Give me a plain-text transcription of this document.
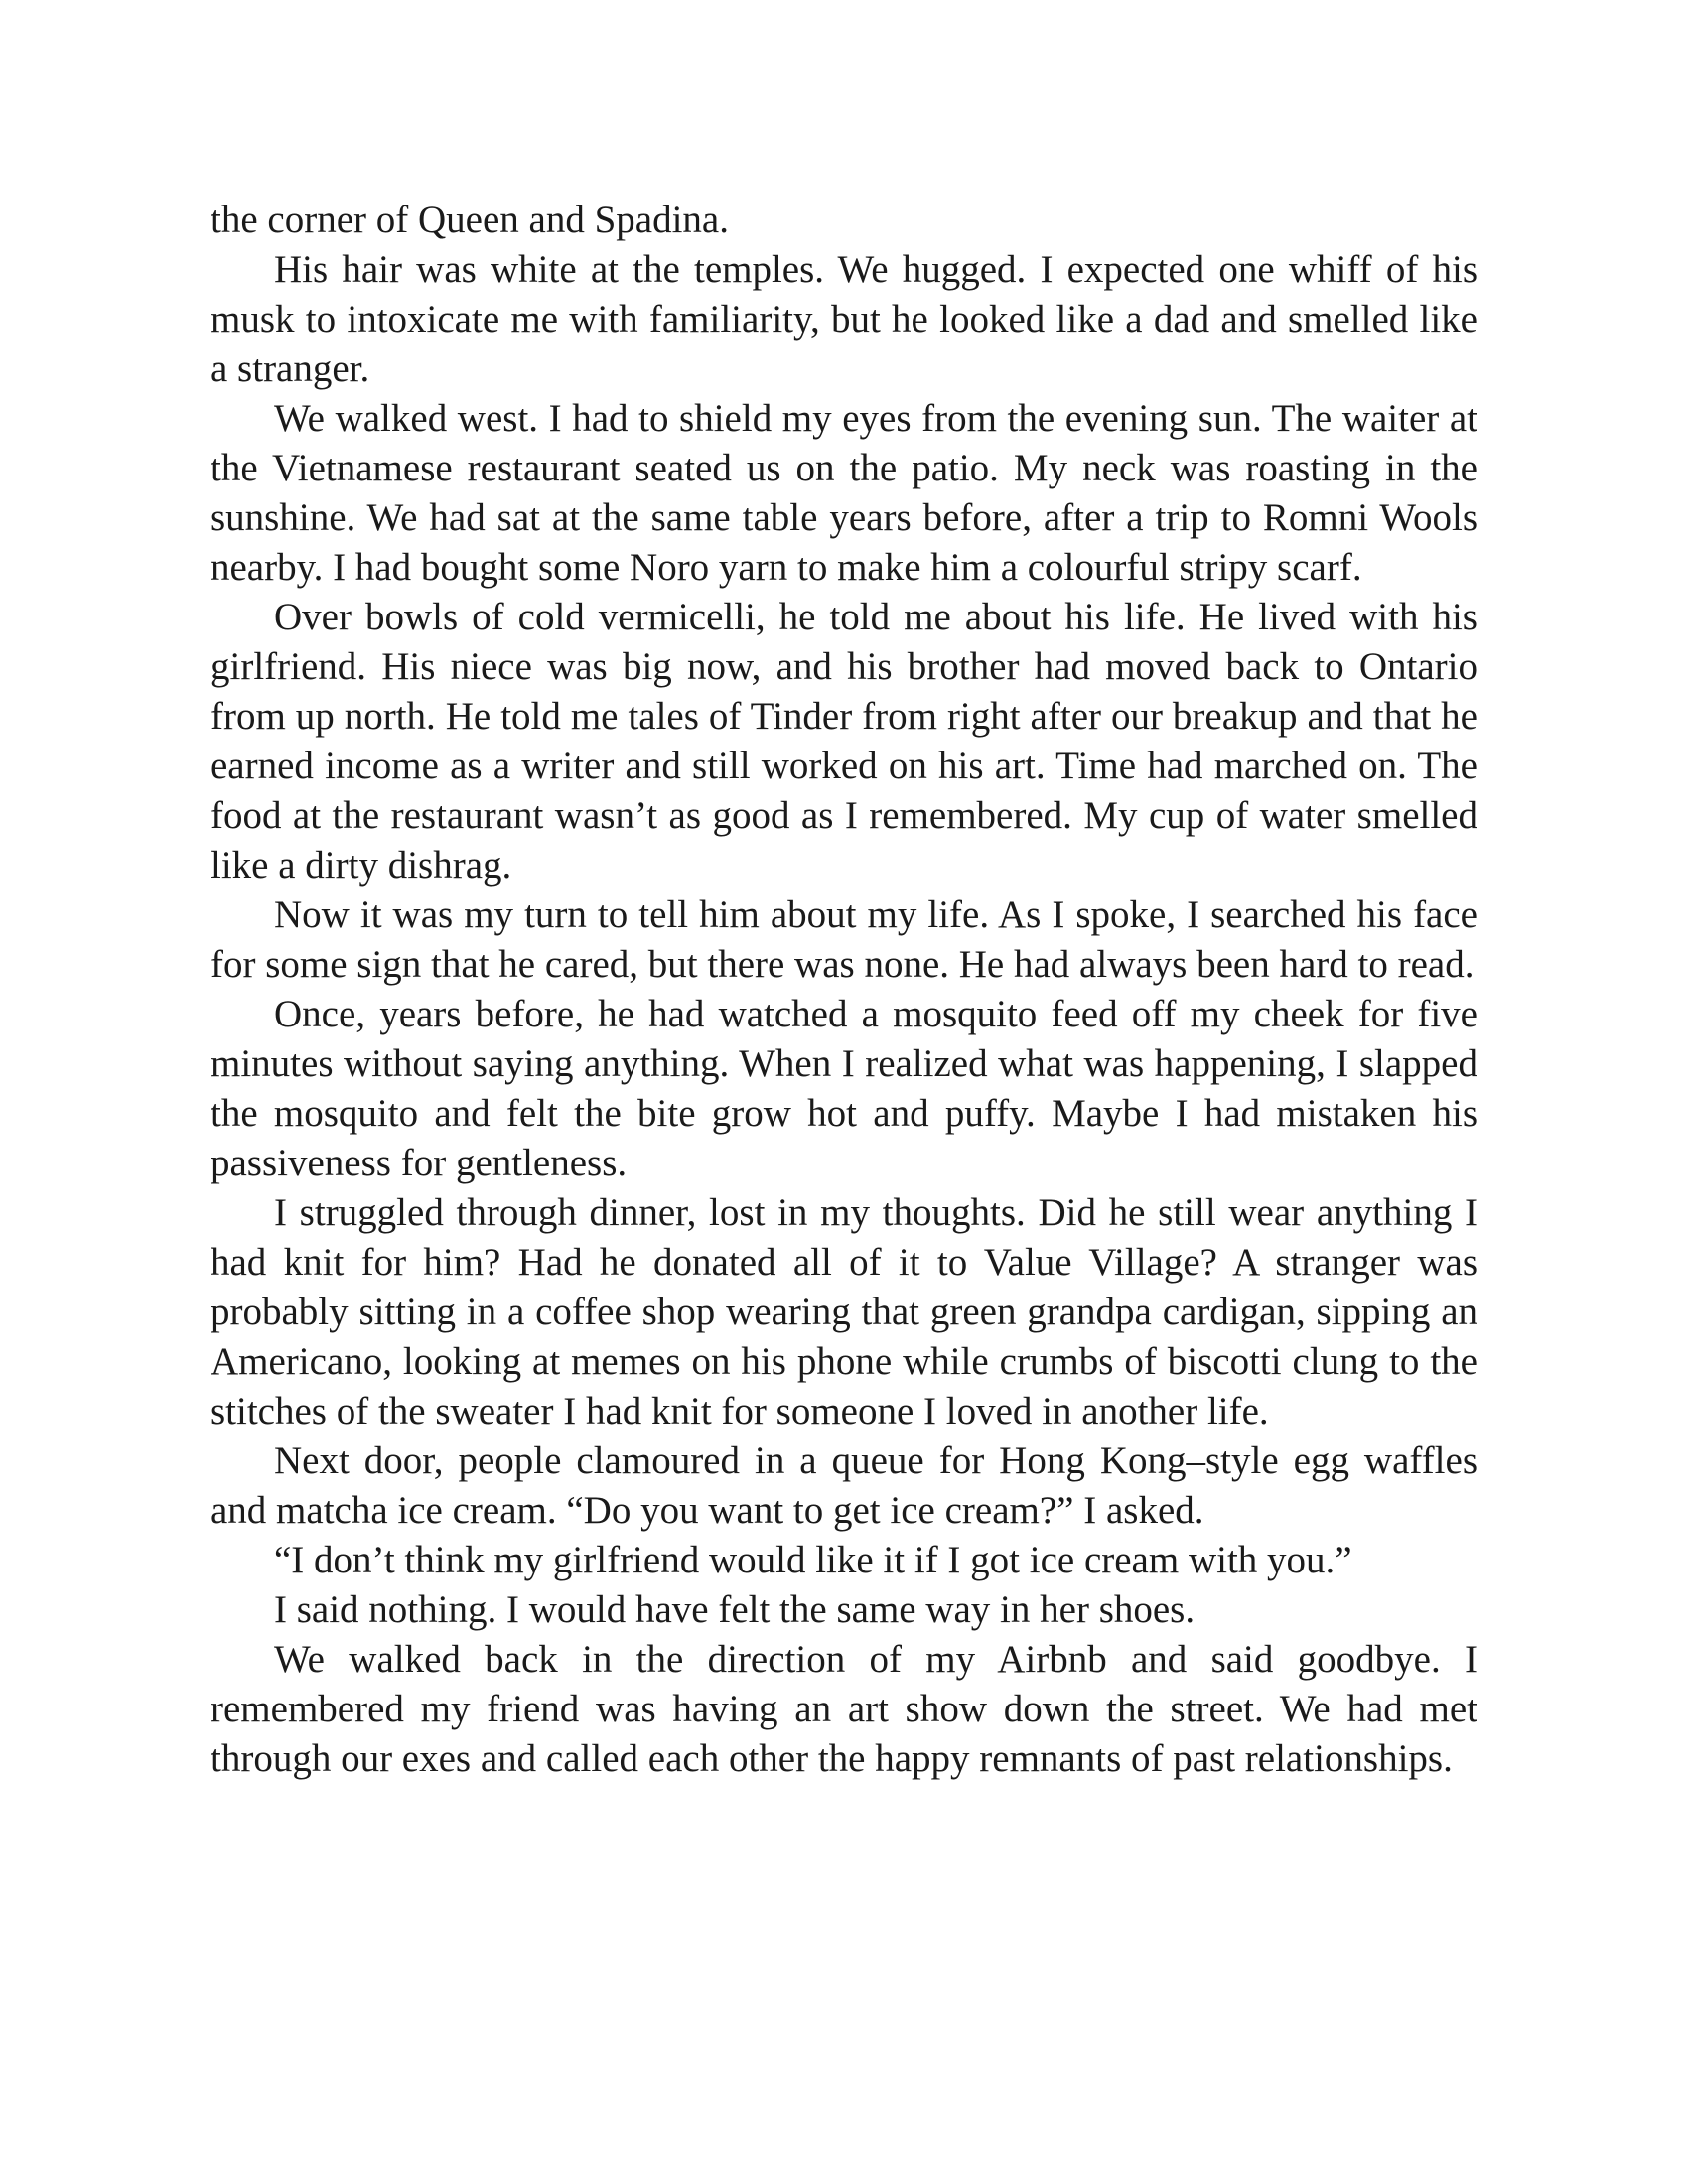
the corner of Queen and Spadina.

His hair was white at the temples. We hugged. I expected one whiff of his musk to intoxicate me with familiarity, but he looked like a dad and smelled like a stranger.

We walked west. I had to shield my eyes from the evening sun. The waiter at the Vietnamese restaurant seated us on the patio. My neck was roasting in the sunshine. We had sat at the same table years before, after a trip to Romni Wools nearby. I had bought some Noro yarn to make him a colourful stripy scarf.

Over bowls of cold vermicelli, he told me about his life. He lived with his girlfriend. His niece was big now, and his brother had moved back to Ontario from up north. He told me tales of Tinder from right after our breakup and that he earned income as a writer and still worked on his art. Time had marched on. The food at the restaurant wasn’t as good as I remembered. My cup of water smelled like a dirty dishrag.

Now it was my turn to tell him about my life. As I spoke, I searched his face for some sign that he cared, but there was none. He had always been hard to read.

Once, years before, he had watched a mosquito feed off my cheek for five minutes without saying anything. When I realized what was happening, I slapped the mosquito and felt the bite grow hot and puffy. Maybe I had mistaken his passiveness for gentleness.

I struggled through dinner, lost in my thoughts. Did he still wear anything I had knit for him? Had he donated all of it to Value Village? A stranger was probably sitting in a coffee shop wearing that green grandpa cardigan, sipping an Americano, looking at memes on his phone while crumbs of biscotti clung to the stitches of the sweater I had knit for someone I loved in another life.

Next door, people clamoured in a queue for Hong Kong–style egg waffles and matcha ice cream. “Do you want to get ice cream?” I asked.

“I don’t think my girlfriend would like it if I got ice cream with you.”

I said nothing. I would have felt the same way in her shoes.

We walked back in the direction of my Airbnb and said goodbye. I remembered my friend was having an art show down the street. We had met through our exes and called each other the happy remnants of past relationships.
